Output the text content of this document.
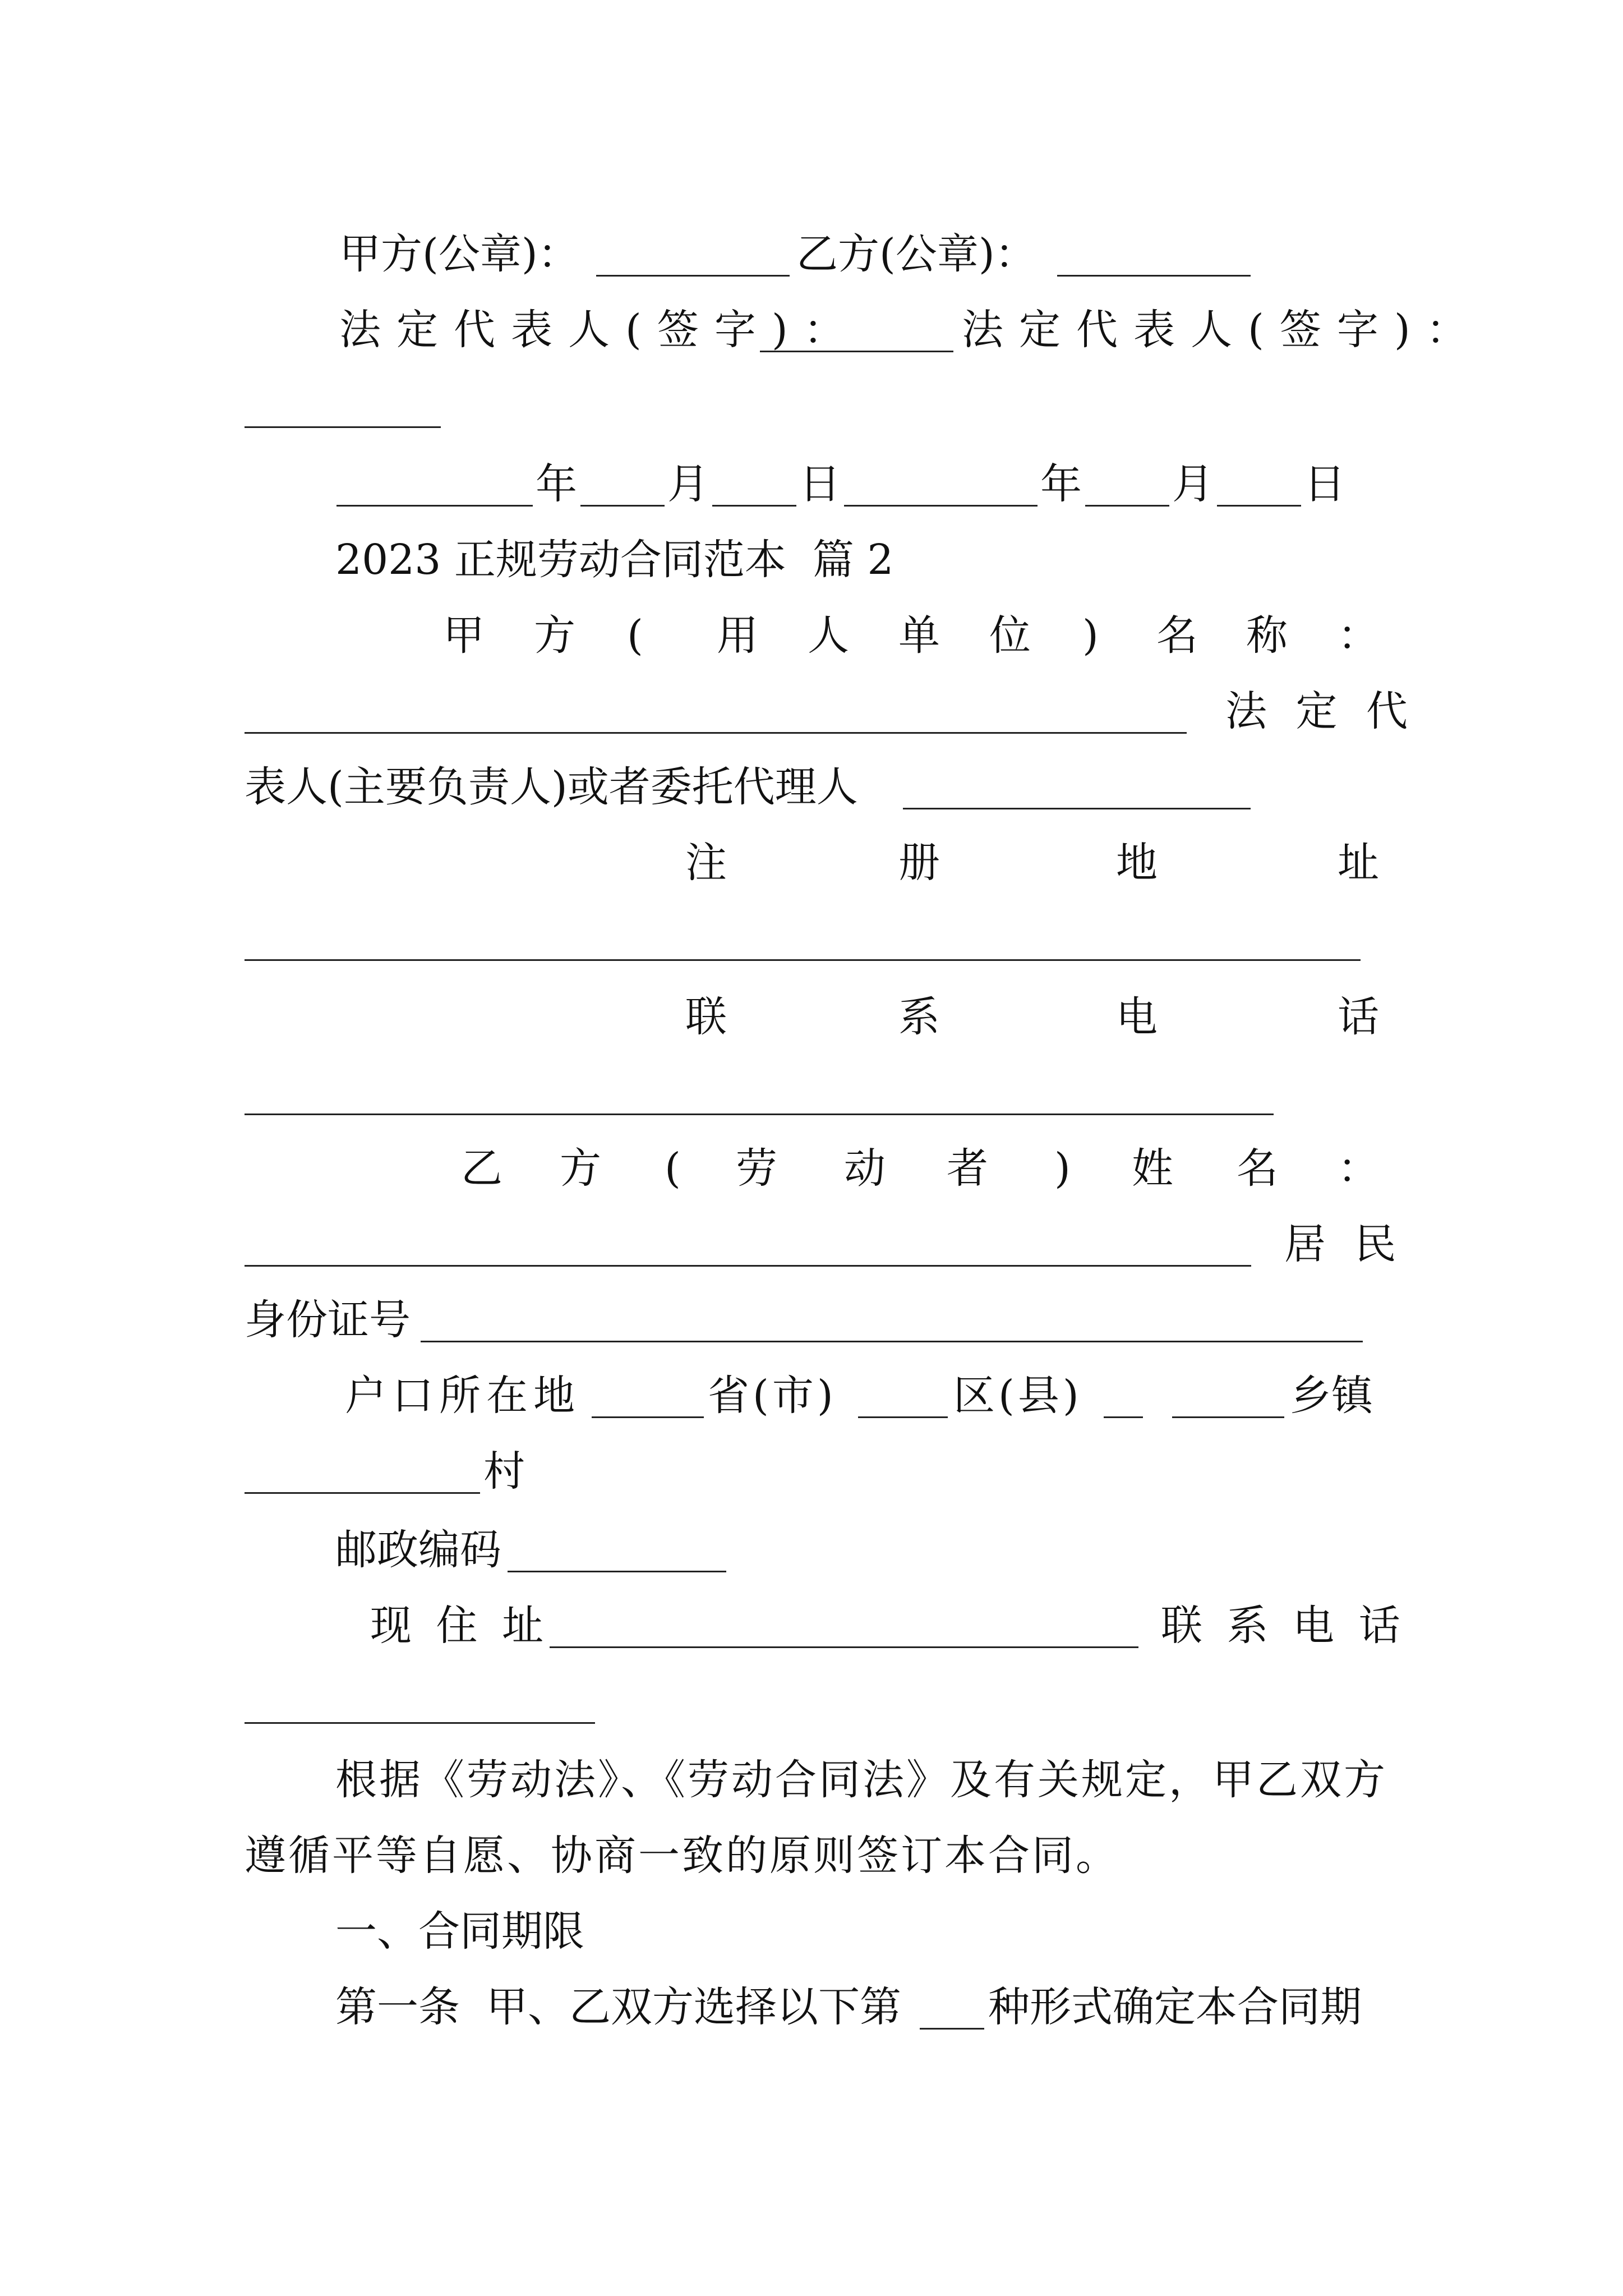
甲方(公章)：	乙方(公章)：
法定代表人(签字)： 法定代表人(签字)：
年 月 日	年 月 日
2023 正规劳动合同范本  篇 2
甲 方 ( 用 人 单 位 ) 名 称 ：
法 定 代
表人(主要负责人)或者委托代理人
注	册	地	址
联	系	电	话
乙 方 ( 劳 动 者 ) 姓 名 ：
居 民
身份证号
户口所在地	省(市)	区(县)	乡镇
村
邮政编码
现 住 址	联 系 电 话
根据《劳动法》、《劳动合同法》及有关规定，甲乙双方
遵循平等自愿、协商一致的原则签订本合同。
一、合同期限
第一条  甲、乙双方选择以下第 种形式确定本合同期
